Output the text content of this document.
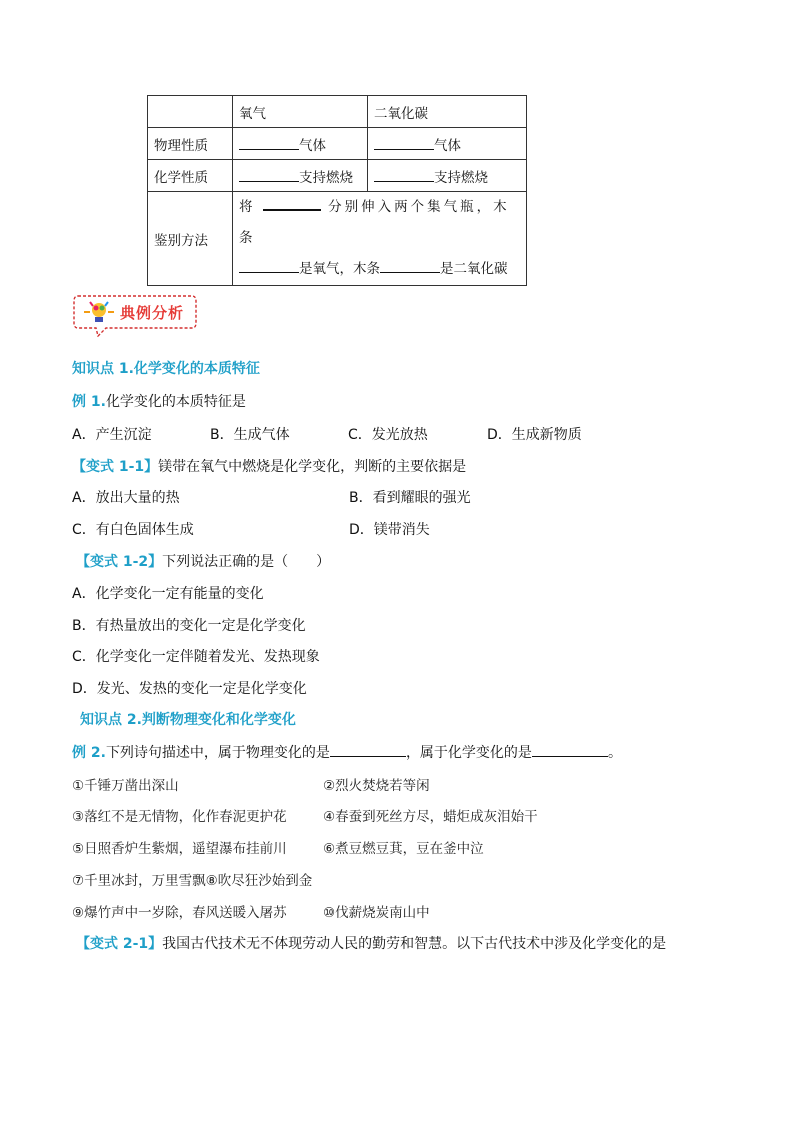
	氧气	二氧化碳
物理性质	气体	气体
化学性质	支持燃烧	支持燃烧
鉴别方法	将 分别伸入两个集气瓶，木条
是氧气，木条 是二氧化碳	
典例分析
知识点 1.化学变化的本质特征
例 1.化学变化的本质特征是
A．产生沉淀	B．生成气体	C．发光放热	D．生成新物质
【变式 1-1】镁带在氧气中燃烧是化学变化，判断的主要依据是
A．放出大量的热	B．看到耀眼的强光
C．有白色固体生成	D．镁带消失
【变式 1-2】下列说法正确的是（　　）
A．化学变化一定有能量的变化
B．有热量放出的变化一定是化学变化
C．化学变化一定伴随着发光、发热现象
D．发光、发热的变化一定是化学变化
知识点 2.判断物理变化和化学变化
例 2.下列诗句描述中，属于物理变化的是	，属于化学变化的是	。
①千锤万凿出深山	②烈火焚烧若等闲
③落红不是无情物，化作春泥更护花	④春蚕到死丝方尽，蜡炬成灰泪始干
⑤日照香炉生紫烟，遥望瀑布挂前川	⑥煮豆燃豆萁，豆在釜中泣
⑦千里冰封，万里雪飘⑧吹尽狂沙始到金
⑨爆竹声中一岁除，春风送暖入屠苏	⑩伐薪烧炭南山中
【变式 2-1】我国古代技术无不体现劳动人民的勤劳和智慧。以下古代技术中涉及化学变化的是
